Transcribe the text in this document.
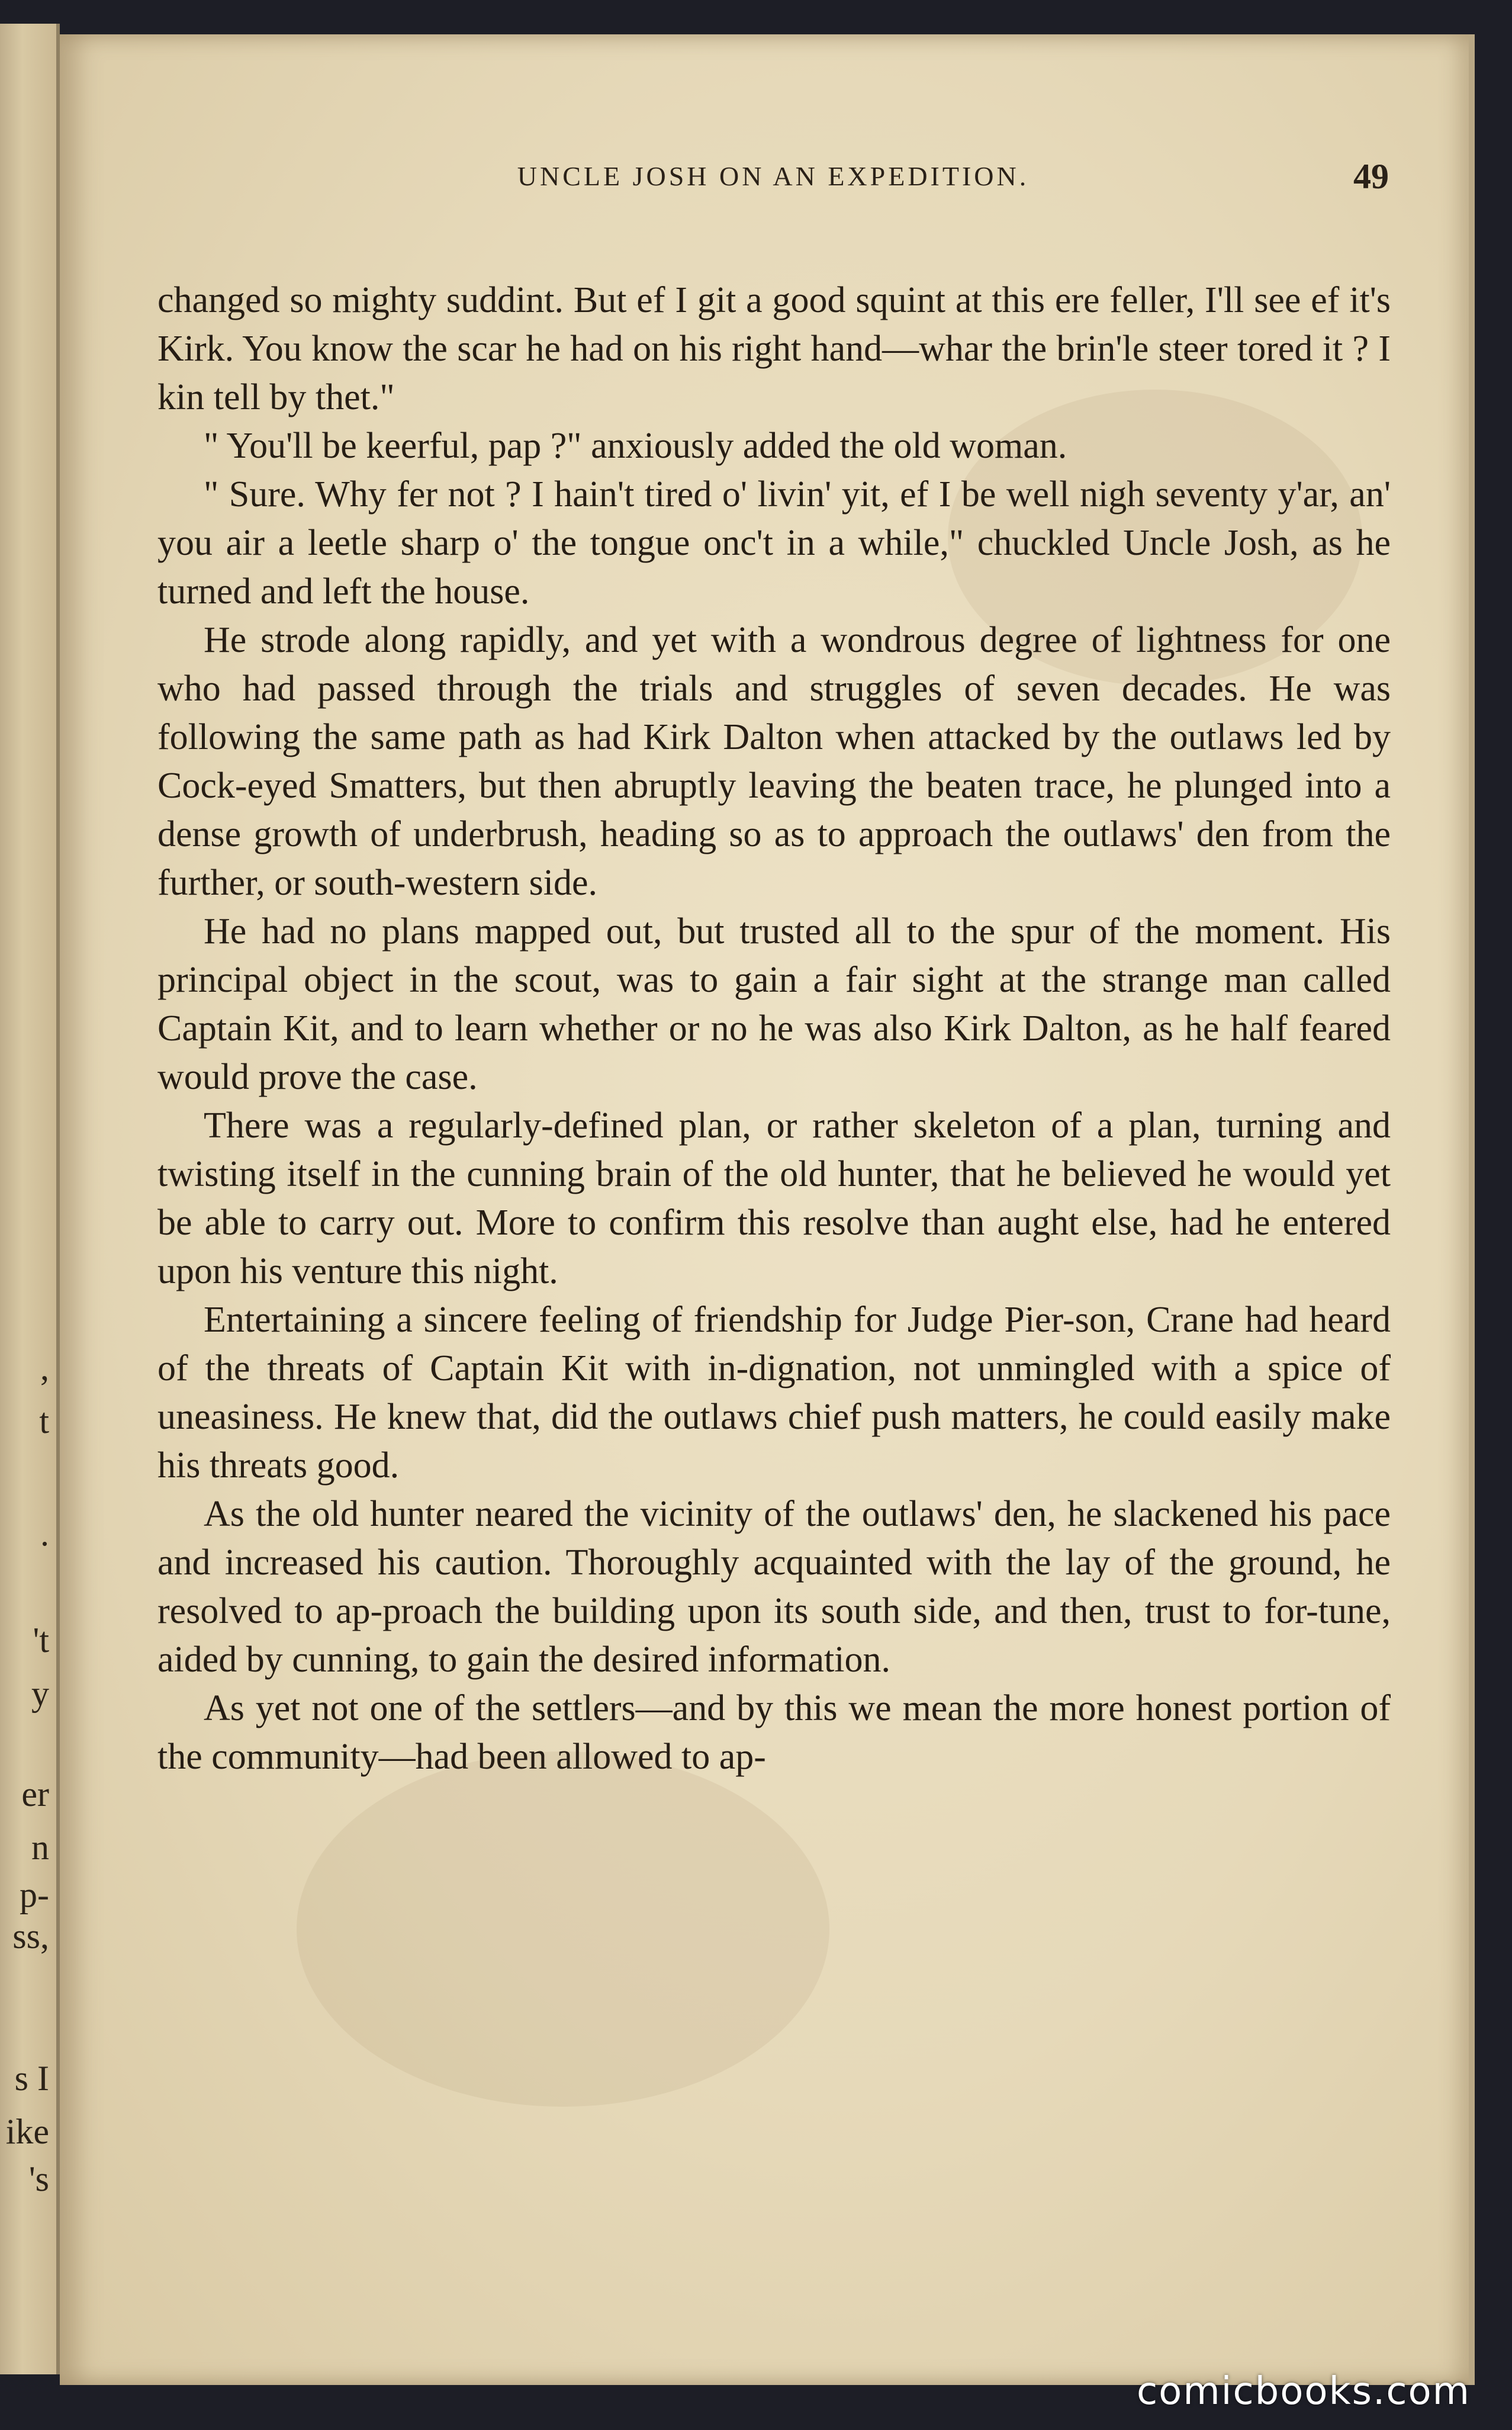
,
t
.
't
y
er
n
p-
ss,
s I
ike
's
UNCLE JOSH ON AN EXPEDITION.	49

changed so mighty suddint. But ef I git a good squint at this ere feller, I'll see ef it's Kirk. You know the scar he had on his right hand—whar the brin'le steer tored it ? I kin tell by thet."

" You'll be keerful, pap ?" anxiously added the old woman.

" Sure. Why fer not ? I hain't tired o' livin' yit, ef I be well nigh seventy y'ar, an' you air a leetle sharp o' the tongue onc't in a while," chuckled Uncle Josh, as he turned and left the house.

He strode along rapidly, and yet with a wondrous degree of lightness for one who had passed through the trials and struggles of seven decades. He was following the same path as had Kirk Dalton when attacked by the outlaws led by Cock-eyed Smatters, but then abruptly leaving the beaten trace, he plunged into a dense growth of underbrush, heading so as to approach the outlaws' den from the further, or south-western side.

He had no plans mapped out, but trusted all to the spur of the moment. His principal object in the scout, was to gain a fair sight at the strange man called Captain Kit, and to learn whether or no he was also Kirk Dalton, as he half feared would prove the case.

There was a regularly-defined plan, or rather skeleton of a plan, turning and twisting itself in the cunning brain of the old hunter, that he believed he would yet be able to carry out. More to confirm this resolve than aught else, had he entered upon his venture this night.

Entertaining a sincere feeling of friendship for Judge Pier-son, Crane had heard of the threats of Captain Kit with in-dignation, not unmingled with a spice of uneasiness. He knew that, did the outlaws chief push matters, he could easily make his threats good.

As the old hunter neared the vicinity of the outlaws' den, he slackened his pace and increased his caution. Thoroughly acquainted with the lay of the ground, he resolved to ap-proach the building upon its south side, and then, trust to for-tune, aided by cunning, to gain the desired information.

As yet not one of the settlers—and by this we mean the more honest portion of the community—had been allowed to ap-

comicbooks.com
